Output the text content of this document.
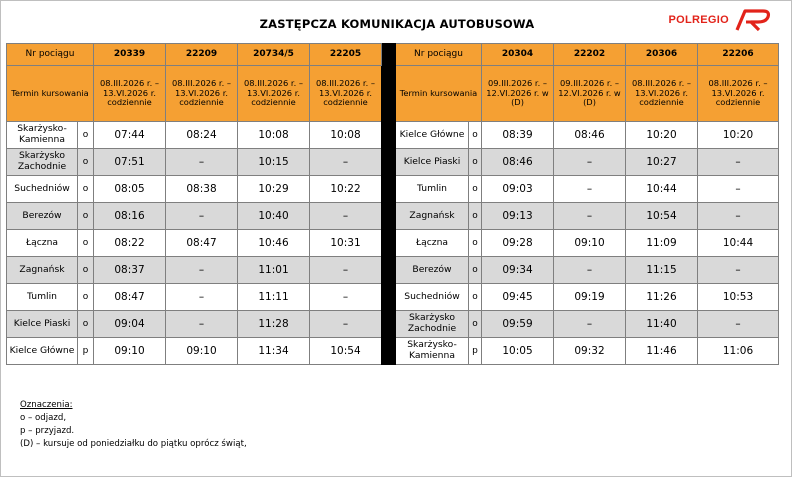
ZASTĘPCZA KOMUNIKACJA AUTOBUSOWA	POLREGIO
Nr pociągu		20339	22209	20734/5	22205		Nr pociągu		20304	22202	20306	22206
Termin kursowania		08.III.2026 r. – 13.VI.2026 r. codziennie	08.III.2026 r. – 13.VI.2026 r. codziennie	08.III.2026 r. – 13.VI.2026 r. codziennie	08.III.2026 r. – 13.VI.2026 r. codziennie		Termin kursowania		09.III.2026 r. – 12.VI.2026 r. w (D)	09.III.2026 r. – 12.VI.2026 r. w (D)	08.III.2026 r. – 13.VI.2026 r. codziennie	08.III.2026 r. – 13.VI.2026 r. codziennie
Skarżysko-Kamienna	o	07:44	08:24	10:08	10:08		Kielce Główne	o	08:39	08:46	10:20	10:20
Skarżysko Zachodnie	o	07:51	–	10:15	–		Kielce Piaski	o	08:46	–	10:27	–
Suchedniów	o	08:05	08:38	10:29	10:22		Tumlin	o	09:03	–	10:44	–
Berezów	o	08:16	–	10:40	–		Zagnańsk	o	09:13	–	10:54	–
Łączna	o	08:22	08:47	10:46	10:31		Łączna	o	09:28	09:10	11:09	10:44
Zagnańsk	o	08:37	–	11:01	–		Berezów	o	09:34	–	11:15	–
Tumlin	o	08:47	–	11:11	–		Suchedniów	o	09:45	09:19	11:26	10:53
Kielce Piaski	o	09:04	–	11:28	–		Skarżysko Zachodnie	o	09:59	–	11:40	–
Kielce Główne	p	09:10	09:10	11:34	10:54		Skarżysko-Kamienna	p	10:05	09:32	11:46	11:06
Oznaczenia:
o – odjazd,
p – przyjazd.
(D) – kursuje od poniedziałku do piątku oprócz świąt,
